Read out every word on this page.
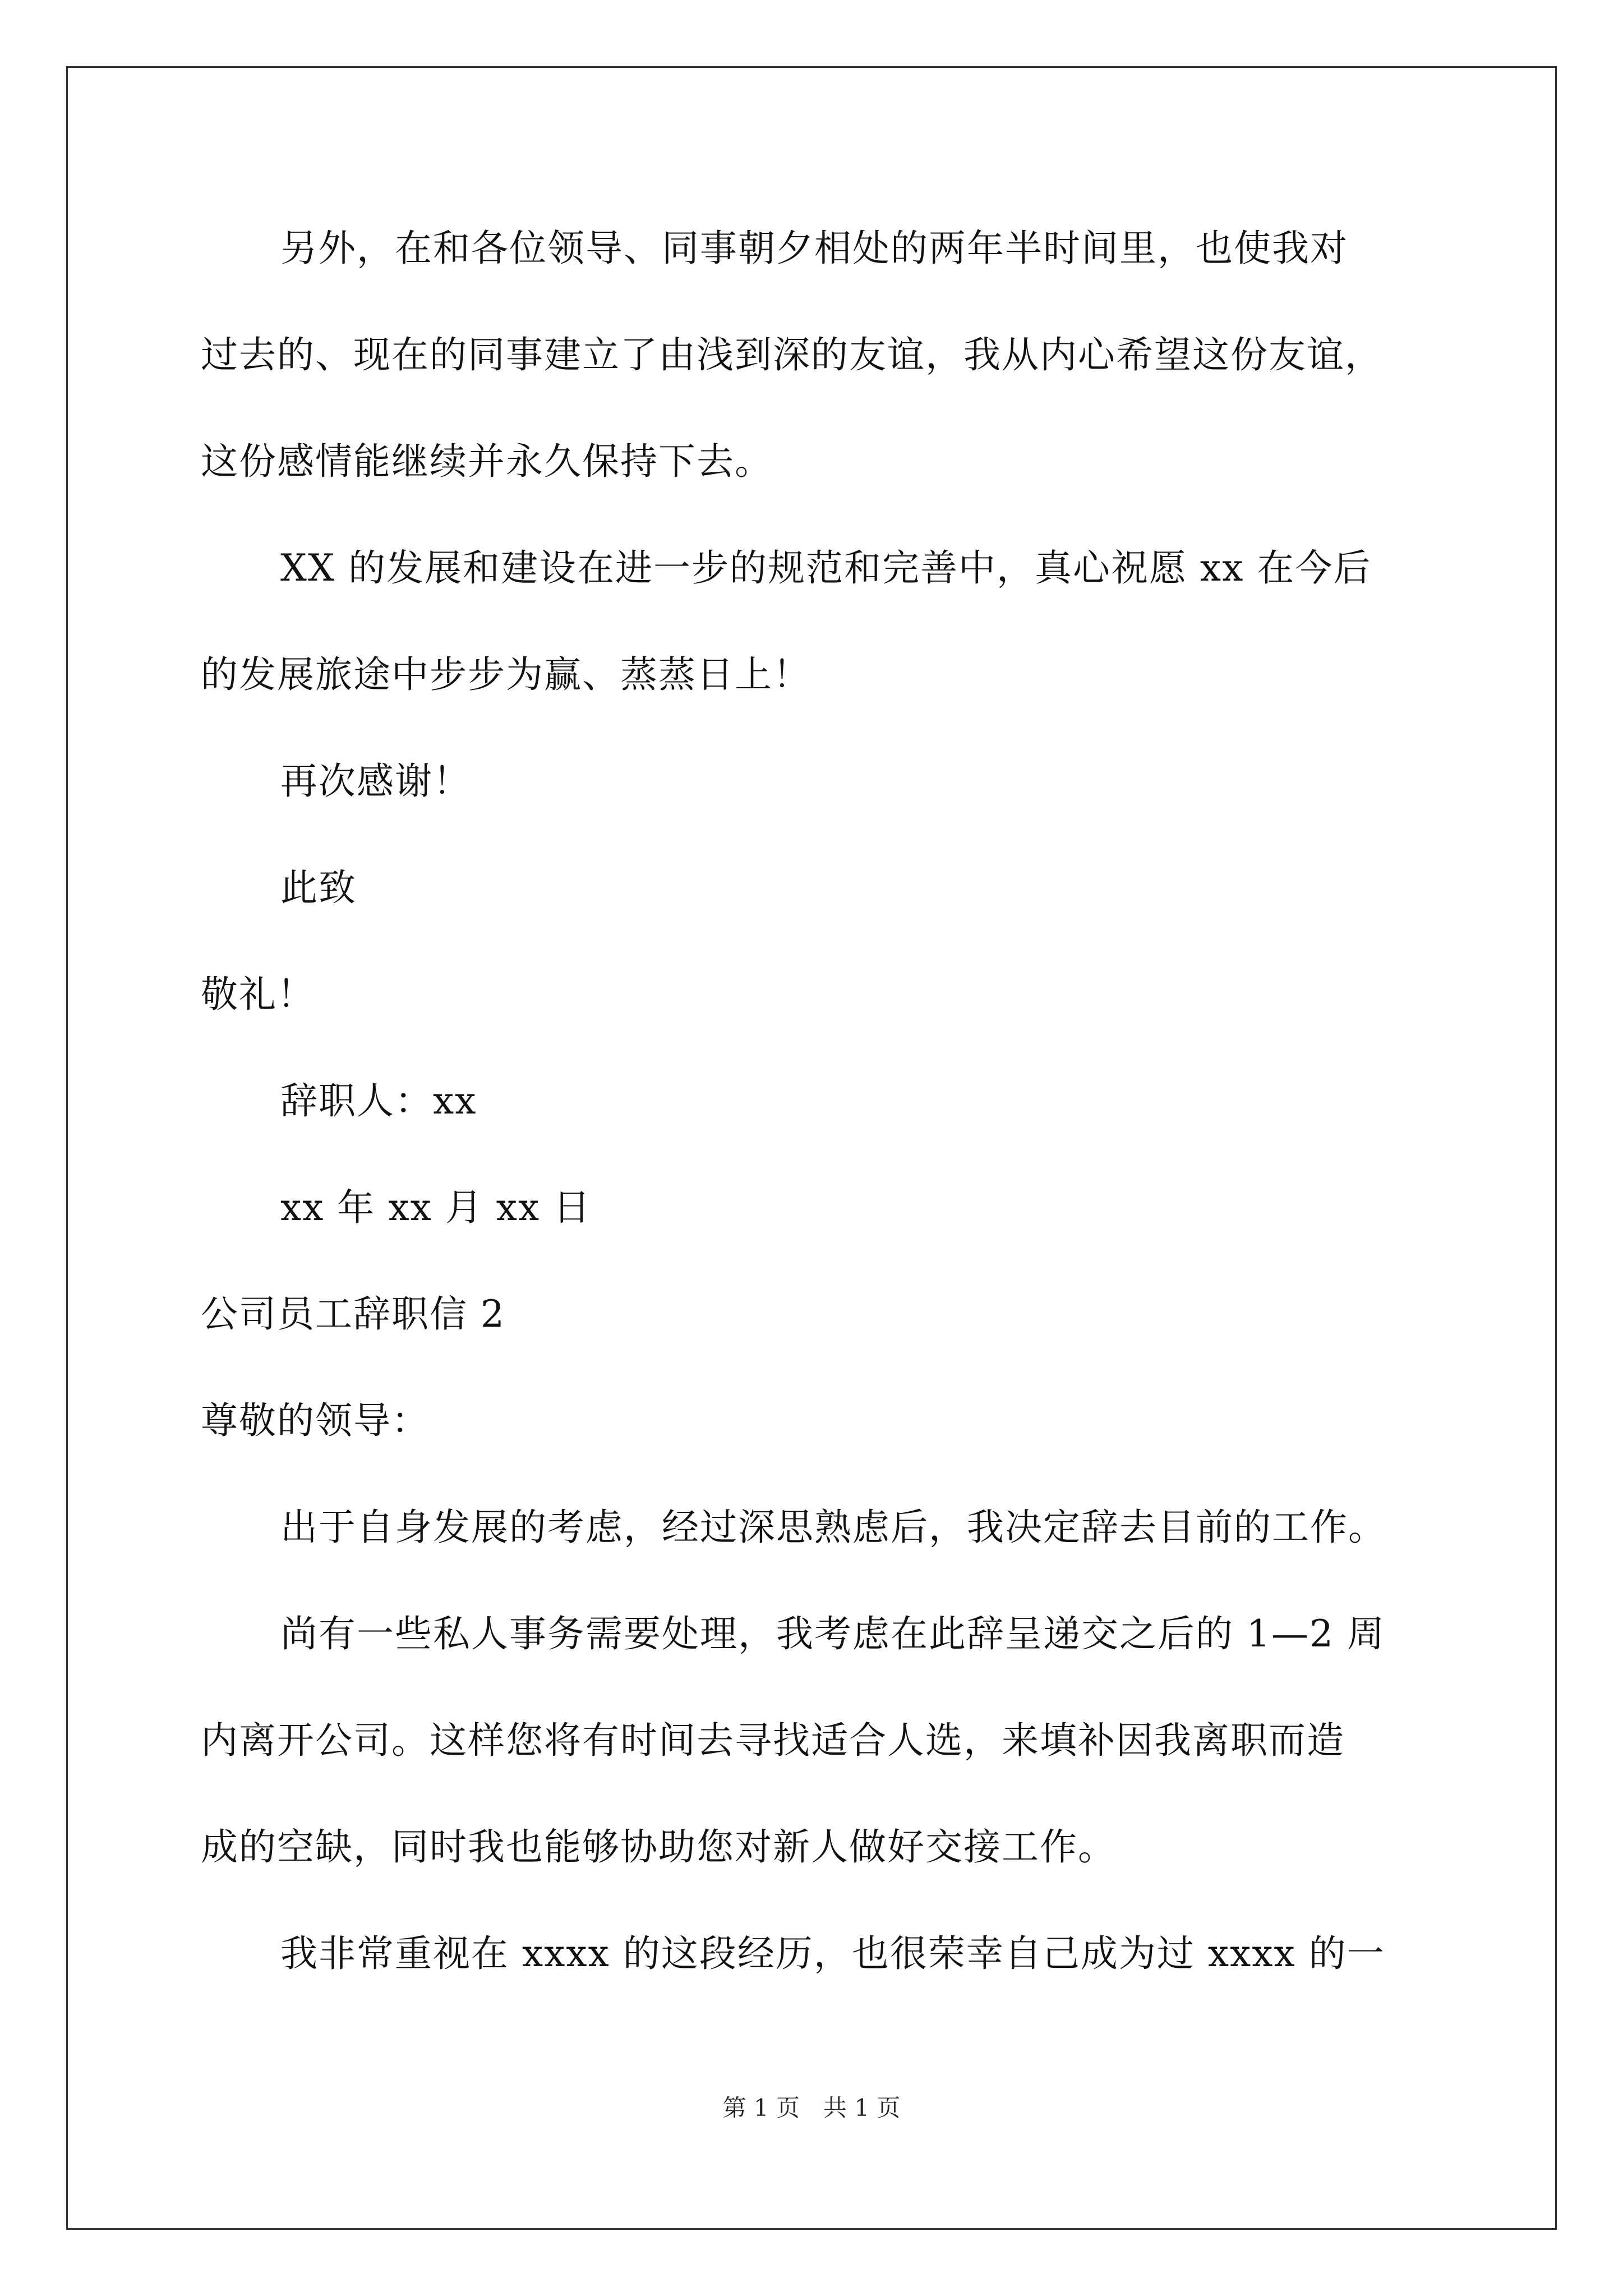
另外，在和各位领导、同事朝夕相处的两年半时间里，也使我对
过去的、现在的同事建立了由浅到深的友谊，我从内心希望这份友谊，
这份感情能继续并永久保持下去。
XX 的发展和建设在进一步的规范和完善中，真心祝愿 xx 在今后
的发展旅途中步步为赢、蒸蒸日上！
再次感谢！
此致
敬礼！
辞职人：xx
xx 年 xx 月 xx 日
公司员工辞职信 2
尊敬的领导：
出于自身发展的考虑，经过深思熟虑后，我决定辞去目前的工作。
尚有一些私人事务需要处理，我考虑在此辞呈递交之后的 1—2 周
内离开公司。这样您将有时间去寻找适合人选，来填补因我离职而造
成的空缺，同时我也能够协助您对新人做好交接工作。
我非常重视在 xxxx 的这段经历，也很荣幸自己成为过 xxxx 的一
第 1 页　共 1 页
